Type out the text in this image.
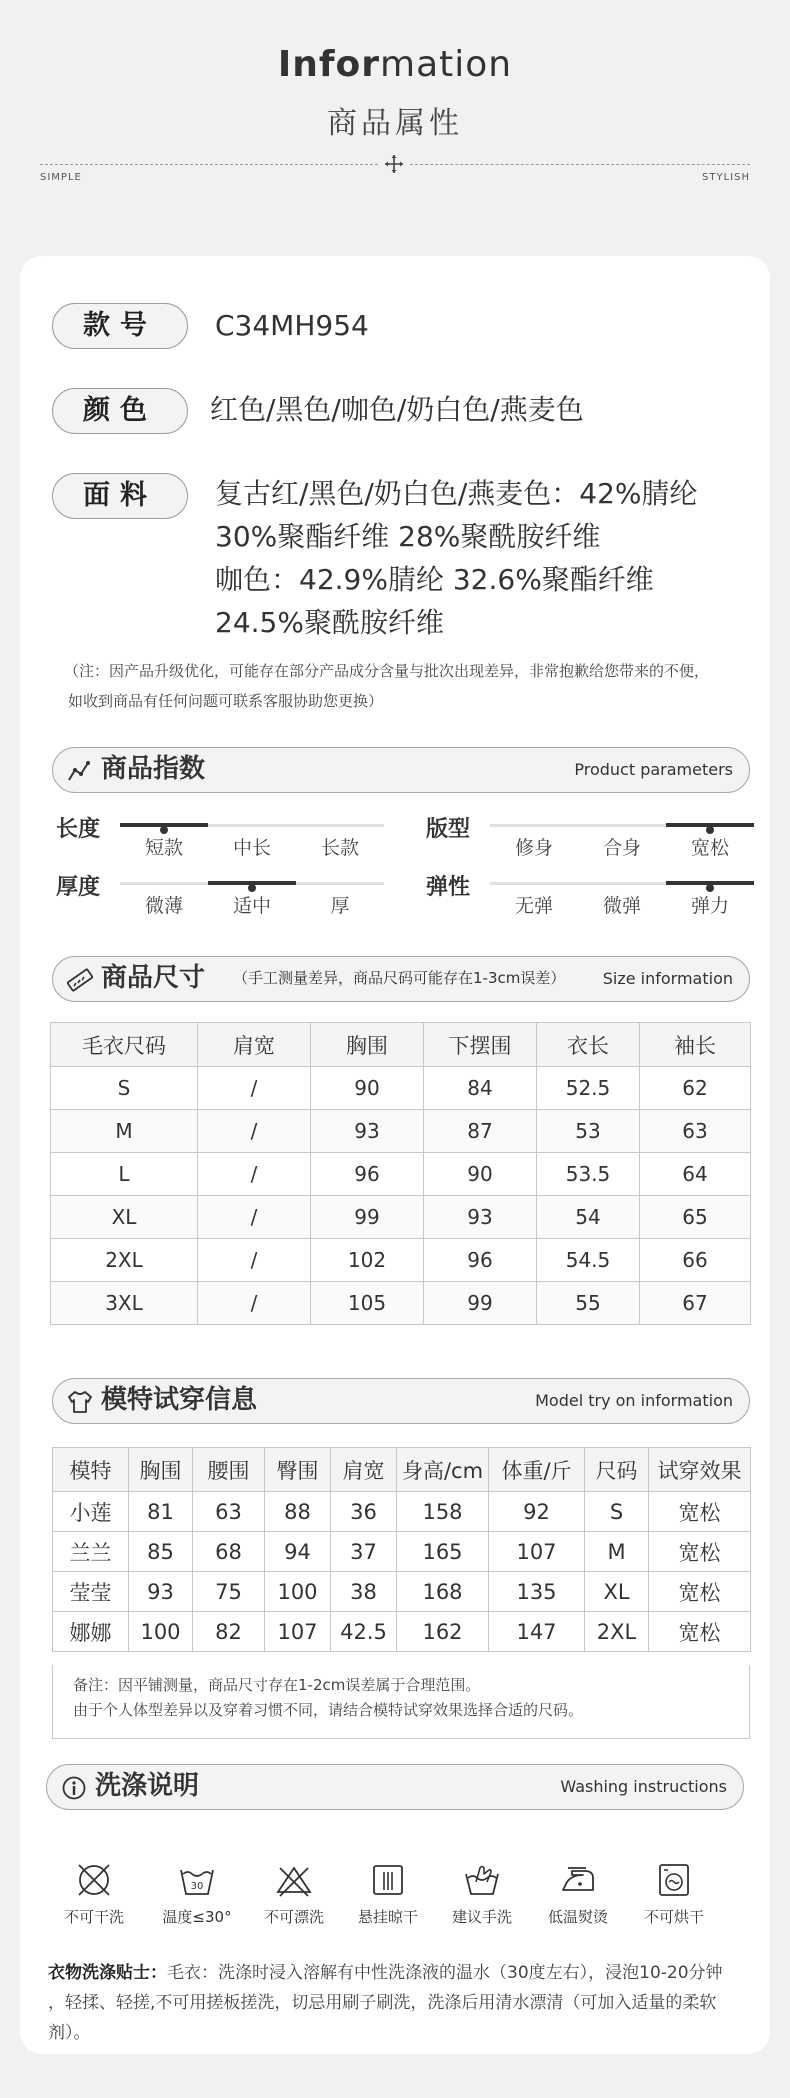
Information
商品属性
SIMPLE	STYLISH
款号	C34MH954
颜色	红色/黑色/咖色/奶白色/燕麦色
面料	复古红/黑色/奶白色/燕麦色：42%腈纶
30%聚酯纤维 28%聚酰胺纤维
咖色：42.9%腈纶 32.6%聚酯纤维
24.5%聚酰胺纤维
（注：因产品升级优化，可能存在部分产品成分含量与批次出现差异，非常抱歉给您带来的不便，
如收到商品有任何问题可联系客服协助您更换）
商品指数	Product parameters
长度
短款	中长	长款
版型
修身	合身	宽松
厚度
微薄	适中	厚
弹性
无弹	微弹	弹力
商品尺寸 （手工测量差异，商品尺码可能存在1-3cm误差） Size information
毛衣尺码	肩宽	胸围	下摆围	衣长	袖长
S	/	90	84	52.5	62
M	/	93	87	53	63
L	/	96	90	53.5	64
XL	/	99	93	54	65
2XL	/	102	96	54.5	66
3XL	/	105	99	55	67
模特试穿信息	Model try on information
模特	胸围	腰围	臀围	肩宽	身高/cm	体重/斤	尺码	试穿效果
小莲	81	63	88	36	158	92	S	宽松
兰兰	85	68	94	37	165	107	M	宽松
莹莹	93	75	100	38	168	135	XL	宽松
娜娜	100	82	107	42.5	162	147	2XL	宽松
备注：因平铺测量，商品尺寸存在1-2cm误差属于合理范围。
由于个人体型差异以及穿着习惯不同，请结合模特试穿效果选择合适的尺码。
洗涤说明	Washing instructions
不可干洗
30
温度≤30°	不可漂洗	悬挂晾干	建议手洗	低温熨烫	不可烘干
衣物洗涤贴士：毛衣：洗涤时浸入溶解有中性洗涤液的温水（30度左右），浸泡10-20分钟
，轻揉、轻搓,不可用搓板搓洗，切忌用刷子刷洗，洗涤后用清水漂清（可加入适量的柔软
剂）。
